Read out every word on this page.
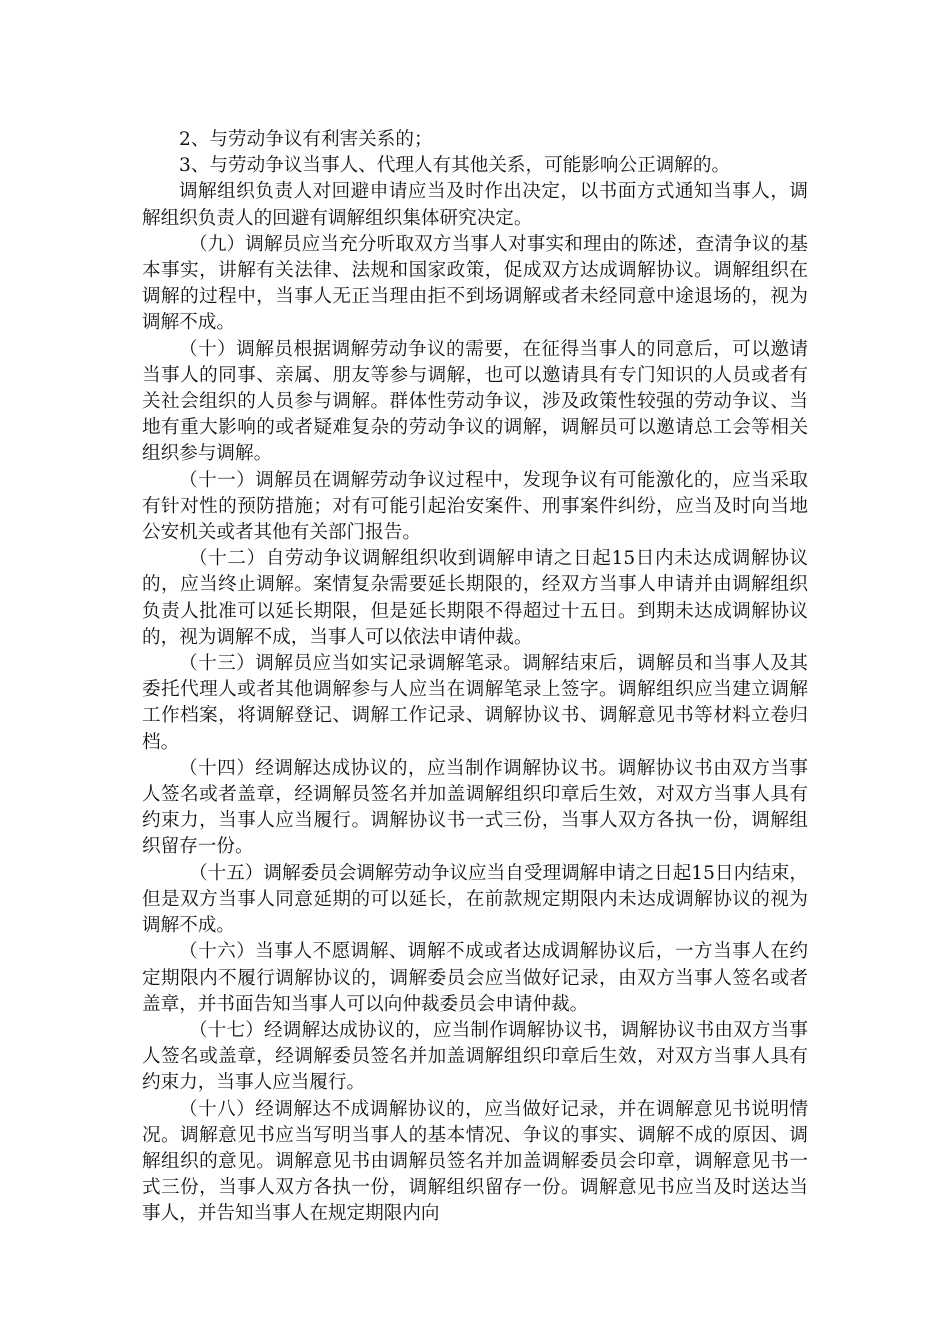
2、与劳动争议有利害关系的；

3、与劳动争议当事人、代理人有其他关系，可能影响公正调解的。

调解组织负责人对回避申请应当及时作出决定，以书面方式通知当事人，调解组织负责人的回避有调解组织集体研究决定。

（九）调解员应当充分听取双方当事人对事实和理由的陈述，查清争议的基本事实，讲解有关法律、法规和国家政策，促成双方达成调解协议。调解组织在调解的过程中，当事人无正当理由拒不到场调解或者未经同意中途退场的，视为调解不成。

（十）调解员根据调解劳动争议的需要，在征得当事人的同意后，可以邀请当事人的同事、亲属、朋友等参与调解，也可以邀请具有专门知识的人员或者有关社会组织的人员参与调解。群体性劳动争议，涉及政策性较强的劳动争议、当地有重大影响的或者疑难复杂的劳动争议的调解，调解员可以邀请总工会等相关组织参与调解。

（十一）调解员在调解劳动争议过程中，发现争议有可能激化的，应当采取有针对性的预防措施；对有可能引起治安案件、刑事案件纠纷，应当及时向当地公安机关或者其他有关部门报告。

（十二）自劳动争议调解组织收到调解申请之日起15日内未达成调解协议的，应当终止调解。案情复杂需要延长期限的，经双方当事人申请并由调解组织负责人批准可以延长期限，但是延长期限不得超过十五日。到期未达成调解协议的，视为调解不成，当事人可以依法申请仲裁。

（十三）调解员应当如实记录调解笔录。调解结束后，调解员和当事人及其委托代理人或者其他调解参与人应当在调解笔录上签字。调解组织应当建立调解工作档案，将调解登记、调解工作记录、调解协议书、调解意见书等材料立卷归档。

（十四）经调解达成协议的，应当制作调解协议书。调解协议书由双方当事人签名或者盖章，经调解员签名并加盖调解组织印章后生效，对双方当事人具有约束力，当事人应当履行。调解协议书一式三份，当事人双方各执一份，调解组织留存一份。

（十五）调解委员会调解劳动争议应当自受理调解申请之日起15日内结束，但是双方当事人同意延期的可以延长，在前款规定期限内未达成调解协议的视为调解不成。

（十六）当事人不愿调解、调解不成或者达成调解协议后，一方当事人在约定期限内不履行调解协议的，调解委员会应当做好记录，由双方当事人签名或者盖章，并书面告知当事人可以向仲裁委员会申请仲裁。

（十七）经调解达成协议的，应当制作调解协议书，调解协议书由双方当事人签名或盖章，经调解委员签名并加盖调解组织印章后生效，对双方当事人具有约束力，当事人应当履行。

（十八）经调解达不成调解协议的，应当做好记录，并在调解意见书说明情况。调解意见书应当写明当事人的基本情况、争议的事实、调解不成的原因、调解组织的意见。调解意见书由调解员签名并加盖调解委员会印章，调解意见书一式三份，当事人双方各执一份，调解组织留存一份。调解意见书应当及时送达当事人，并告知当事人在规定期限内向
